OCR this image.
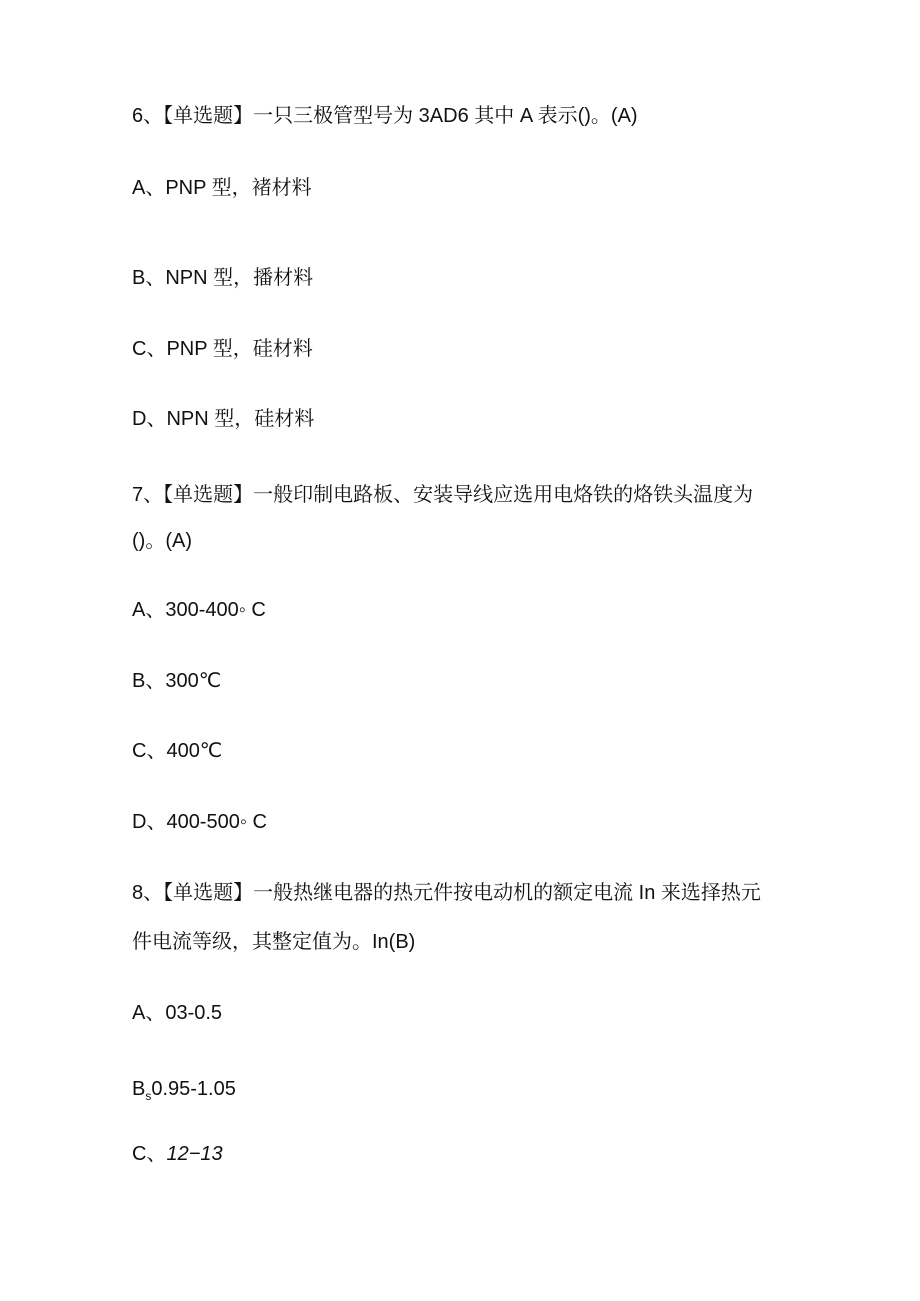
6、【单选题】一只三极管型号为 3AD6 其中 A 表示()。(A)
A、PNP 型，褚材料
B、NPN 型，播材料
C、PNP 型，硅材料
D、NPN 型，硅材料
7、【单选题】一般印制电路板、安装导线应选用电烙铁的烙铁头温度为
()。(A)
A、300-400◦ C
B、300℃
C、400℃
D、400-500◦ C
8、【单选题】一般热继电器的热元件按电动机的额定电流 In 来选择热元
件电流等级，其整定值为。In(B)
A、03-0.5
$B_s0.95-1.05$
C、12−13
